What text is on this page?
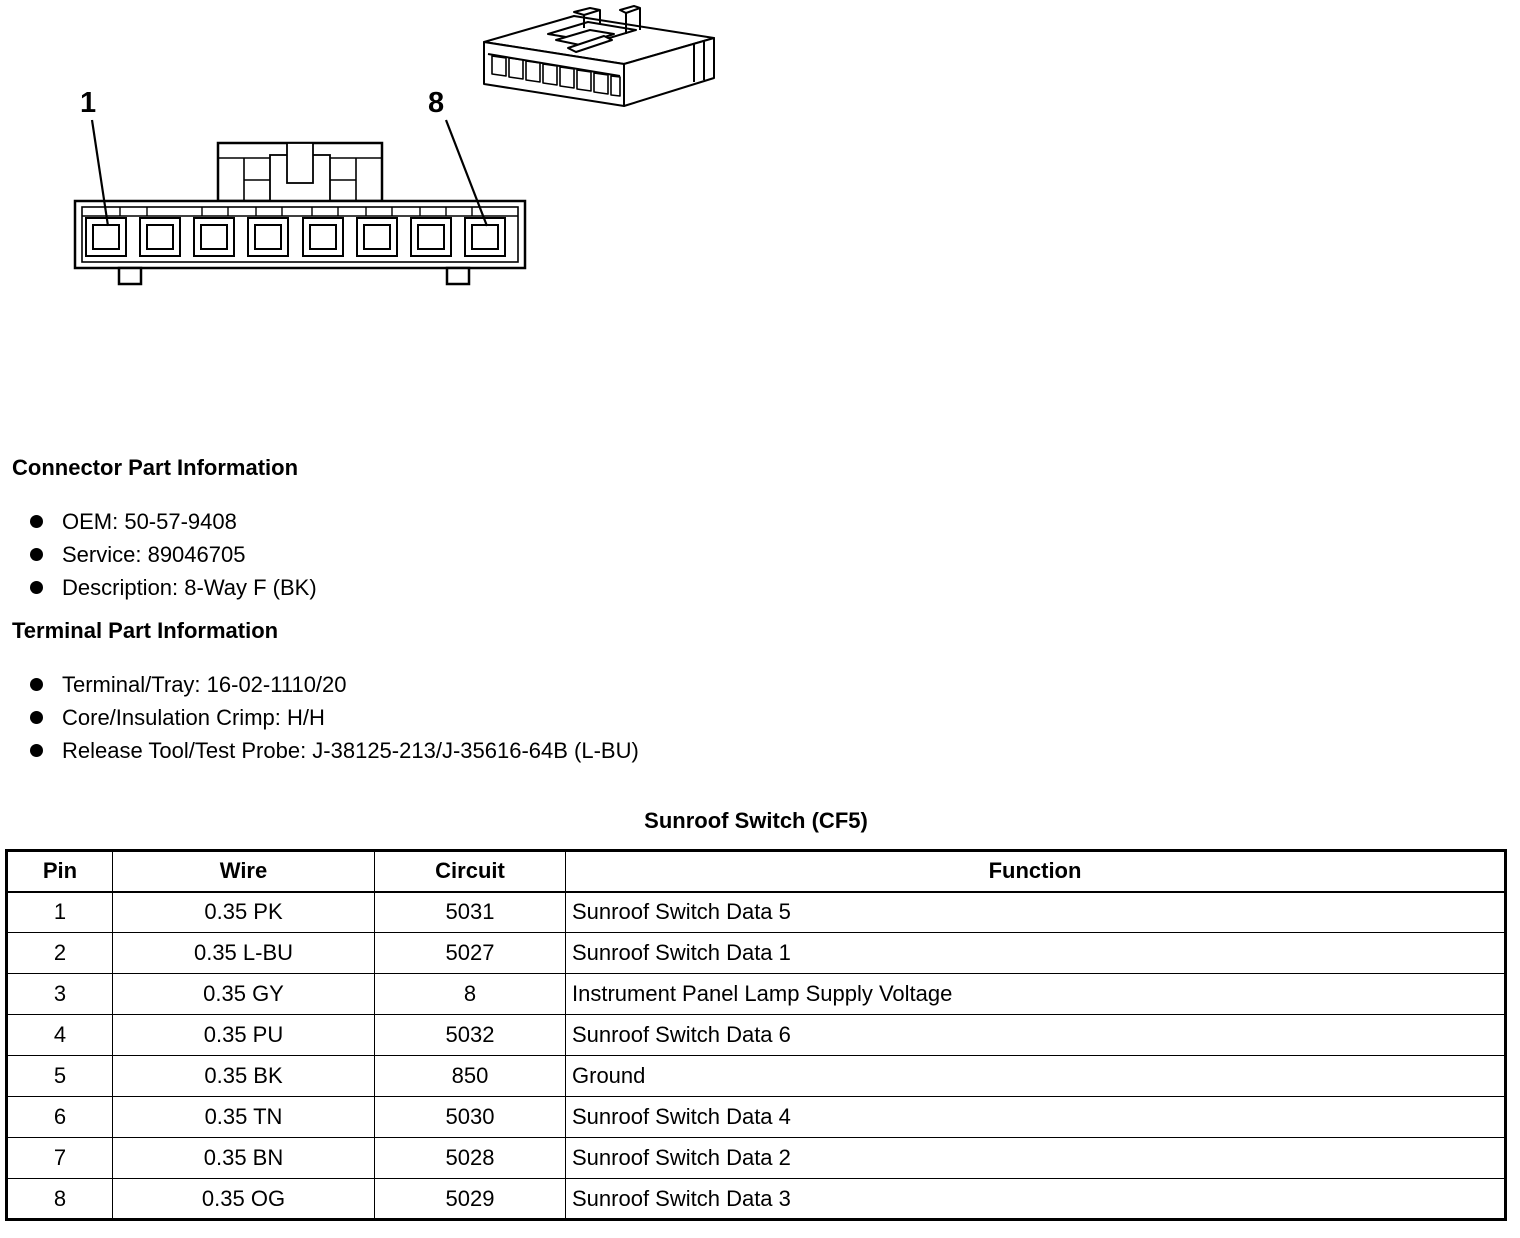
1	8
Connector Part Information
OEM: 50-57-9408
Service: 89046705
Description: 8-Way F (BK)
Terminal Part Information
Terminal/Tray: 16-02-1110/20
Core/Insulation Crimp: H/H
Release Tool/Test Probe: J-38125-213/J-35616-64B (L-BU)
Sunroof Switch (CF5)
Pin	Wire	Circuit	Function
1	0.35 PK	5031	Sunroof Switch Data 5
2	0.35 L-BU	5027	Sunroof Switch Data 1
3	0.35 GY	8	Instrument Panel Lamp Supply Voltage
4	0.35 PU	5032	Sunroof Switch Data 6
5	0.35 BK	850	Ground
6	0.35 TN	5030	Sunroof Switch Data 4
7	0.35 BN	5028	Sunroof Switch Data 2
8	0.35 OG	5029	Sunroof Switch Data 3
